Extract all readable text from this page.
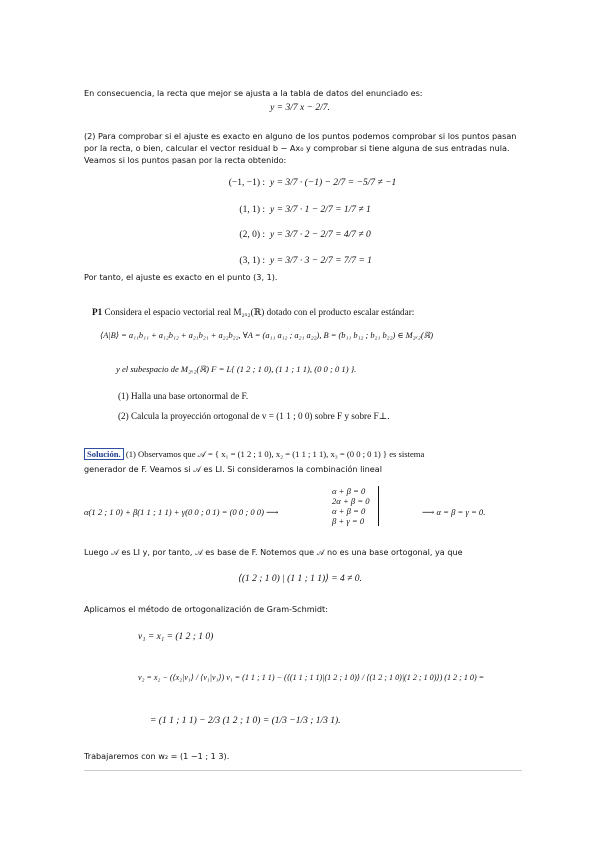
En consecuencia, la recta que mejor se ajusta a la tabla de datos del enunciado es:
y = 3/7 x − 2/7.
(2) Para comprobar si el ajuste es exacto en alguno de los puntos podemos comprobar si los puntos pasan
por la recta, o bien, calcular el vector residual b − Ax₀ y comprobar si tiene alguna de sus entradas nula.
Veamos si los puntos pasan por la recta obtenido:
(−1, −1) : y = 3/7 · (−1) − 2/7 = −5/7 ≠ −1
(1, 1) : y = 3/7 · 1 − 2/7 = 1/7 ≠ 1
(2, 0) : y = 3/7 · 2 − 2/7 = 4/7 ≠ 0
(3, 1) : y = 3/7 · 3 − 2/7 = 7/7 = 1
Por tanto, el ajuste es exacto en el punto (3, 1).
P1 Considera el espacio vectorial real M₂ₓ₂(ℝ) dotado con el producto escalar estándar:
⟨A|B⟩ = a₁₁b₁₁ + a₁₂b₁₂ + a₂₁b₂₁ + a₂₂b₂₂, ∀A = (a₁₁ a₁₂ ; a₂₁ a₂₂), B = (b₁₁ b₁₂ ; b₂₁ b₂₂) ∈ M₂ₓ₂(ℝ)
y el subespacio de M₂ₓ₂(ℝ) F = L{ (1 2 ; 1 0), (1 1 ; 1 1), (0 0 ; 0 1) }.
(1) Halla una base ortonormal de F.
(2) Calcula la proyección ortogonal de v = (1 1 ; 0 0) sobre F y sobre F⊥.
Solución. (1) Observamos que 𝒜 = { x₁ = (1 2 ; 1 0), x₂ = (1 1 ; 1 1), x₃ = (0 0 ; 0 1) } es sistema
generador de F. Veamos si 𝒜 es LI. Si consideramos la combinación lineal
α(1 2 ; 1 0) + β(1 1 ; 1 1) + γ(0 0 ; 0 1) = (0 0 ; 0 0) ⟶
α + β = 0
2α + β = 0
α + β = 0
β + γ = 0
⟶ α = β = γ = 0.
Luego 𝒜 es LI y, por tanto, 𝒜 es base de F. Notemos que 𝒜 no es una base ortogonal, ya que
⟨(1 2 ; 1 0) | (1 1 ; 1 1)⟩ = 4 ≠ 0.
Aplicamos el método de ortogonalización de Gram-Schmidt:
v₁ = x₁ = (1 2 ; 1 0)
v₂ = x₂ − (⟨x₂|v₁⟩ / ⟨v₁|v₁⟩) v₁ = (1 1 ; 1 1) − (⟨(1 1 ; 1 1)|(1 2 ; 1 0)⟩ / ⟨(1 2 ; 1 0)|(1 2 ; 1 0)⟩) (1 2 ; 1 0) =
= (1 1 ; 1 1) − 2/3 (1 2 ; 1 0) = (1/3 −1/3 ; 1/3 1).
Trabajaremos con w₂ = (1 −1 ; 1 3).
